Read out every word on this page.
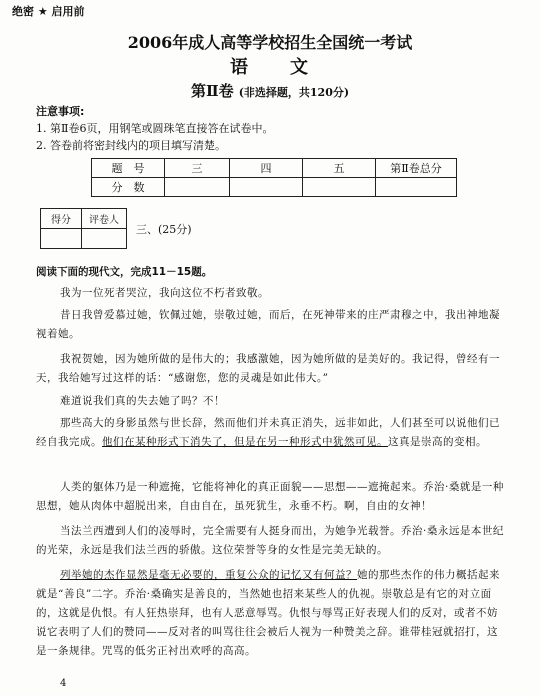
绝密 ★ 启用前
2006年成人高等学校招生全国统一考试
语　　文
第Ⅱ卷 (非选择题，共120分)
注意事项:
1. 第Ⅱ卷6页，用钢笔或圆珠笔直接答在试卷中。
2. 答卷前将密封线内的项目填写清楚。
题　号	三	四	五	第Ⅱ卷总分
分　数				
得分	评卷人

三、(25分)
阅读下面的现代文，完成11－15题。
我为一位死者哭泣，我向这位不朽者致敬。
昔日我曾爱慕过她，钦佩过她，崇敬过她，而后，在死神带来的庄严肃穆之中，我出神地凝视着她。
我祝贺她，因为她所做的是伟大的；我感激她，因为她所做的是美好的。我记得，曾经有一天，我给她写过这样的话：“感谢您，您的灵魂是如此伟大。”
难道说我们真的失去她了吗？不！
那些高大的身影虽然与世长辞，然而他们并未真正消失，远非如此，人们甚至可以说他们已经自我完成。他们在某种形式下消失了，但是在另一种形式中犹然可见。这真是崇高的变相。
人类的躯体乃是一种遮掩，它能将神化的真正面貌——思想——遮掩起来。乔治·桑就是一种思想，她从肉体中超脱出来，自由自在，虽死犹生，永垂不朽。啊，自由的女神！
当法兰西遭到人们的凌辱时，完全需要有人挺身而出，为她争光载誉。乔治·桑永远是本世纪的光荣，永远是我们法兰西的骄傲。这位荣誉等身的女性是完美无缺的。
列举她的杰作显然是毫无必要的，重复公众的记忆又有何益？她的那些杰作的伟力概括起来就是“善良”二字。乔治·桑确实是善良的，当然她也招来某些人的仇视。崇敬总是有它的对立面的，这就是仇恨。有人狂热崇拜，也有人恶意辱骂。仇恨与辱骂正好表现人们的反对，或者不妨说它表明了人们的赞同——反对者的叫骂往往会被后人视为一种赞美之辞。谁带桂冠就招打，这是一条规律。咒骂的低劣正衬出欢呼的高高。
4
